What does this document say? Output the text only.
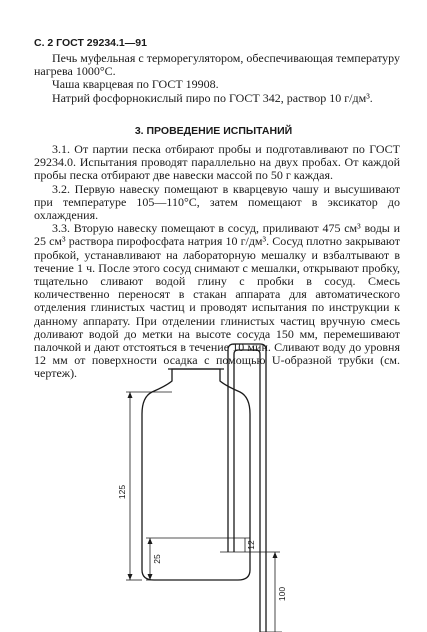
С. 2 ГОСТ 29234.1—91

Печь муфельная с терморегулятором, обеспечивающая температуру нагрева 1000°С.

Чаша кварцевая по ГОСТ 19908.

Натрий фосфорнокислый пиро по ГОСТ 342, раствор 10 г/дм³.

3. ПРОВЕДЕНИЕ ИСПЫТАНИЙ

3.1. От партии песка отбирают пробы и подготавливают по ГОСТ 29234.0. Испытания проводят параллельно на двух пробах. От каждой пробы песка отбирают две навески массой по 50 г каждая.

3.2. Первую навеску помещают в кварцевую чашу и высушивают при температуре 105—110°С, затем помещают в эксикатор до охлаждения.

3.3. Вторую навеску помещают в сосуд, приливают 475 см³ воды и 25 см³ раствора пирофосфата натрия 10 г/дм³. Сосуд плотно закрывают пробкой, устанавливают на лабораторную мешалку и взбалтывают в течение 1 ч. После этого сосуд снимают с мешалки, открывают пробку, тщательно сливают водой глину с пробки в сосуд. Смесь количественно переносят в стакан аппарата для автоматического отделения глинистых частиц и проводят испытания по инструкции к данному аппарату. При отделении глинистых частиц вручную смесь доливают водой до метки на высоте сосуда 150 мм, перемешивают палочкой и дают отстояться в течение 10 мин. Сливают воду до уровня 12 мм от поверхности осадка с помощью U-образной трубки (см. чертеж).

125
25
12
100
